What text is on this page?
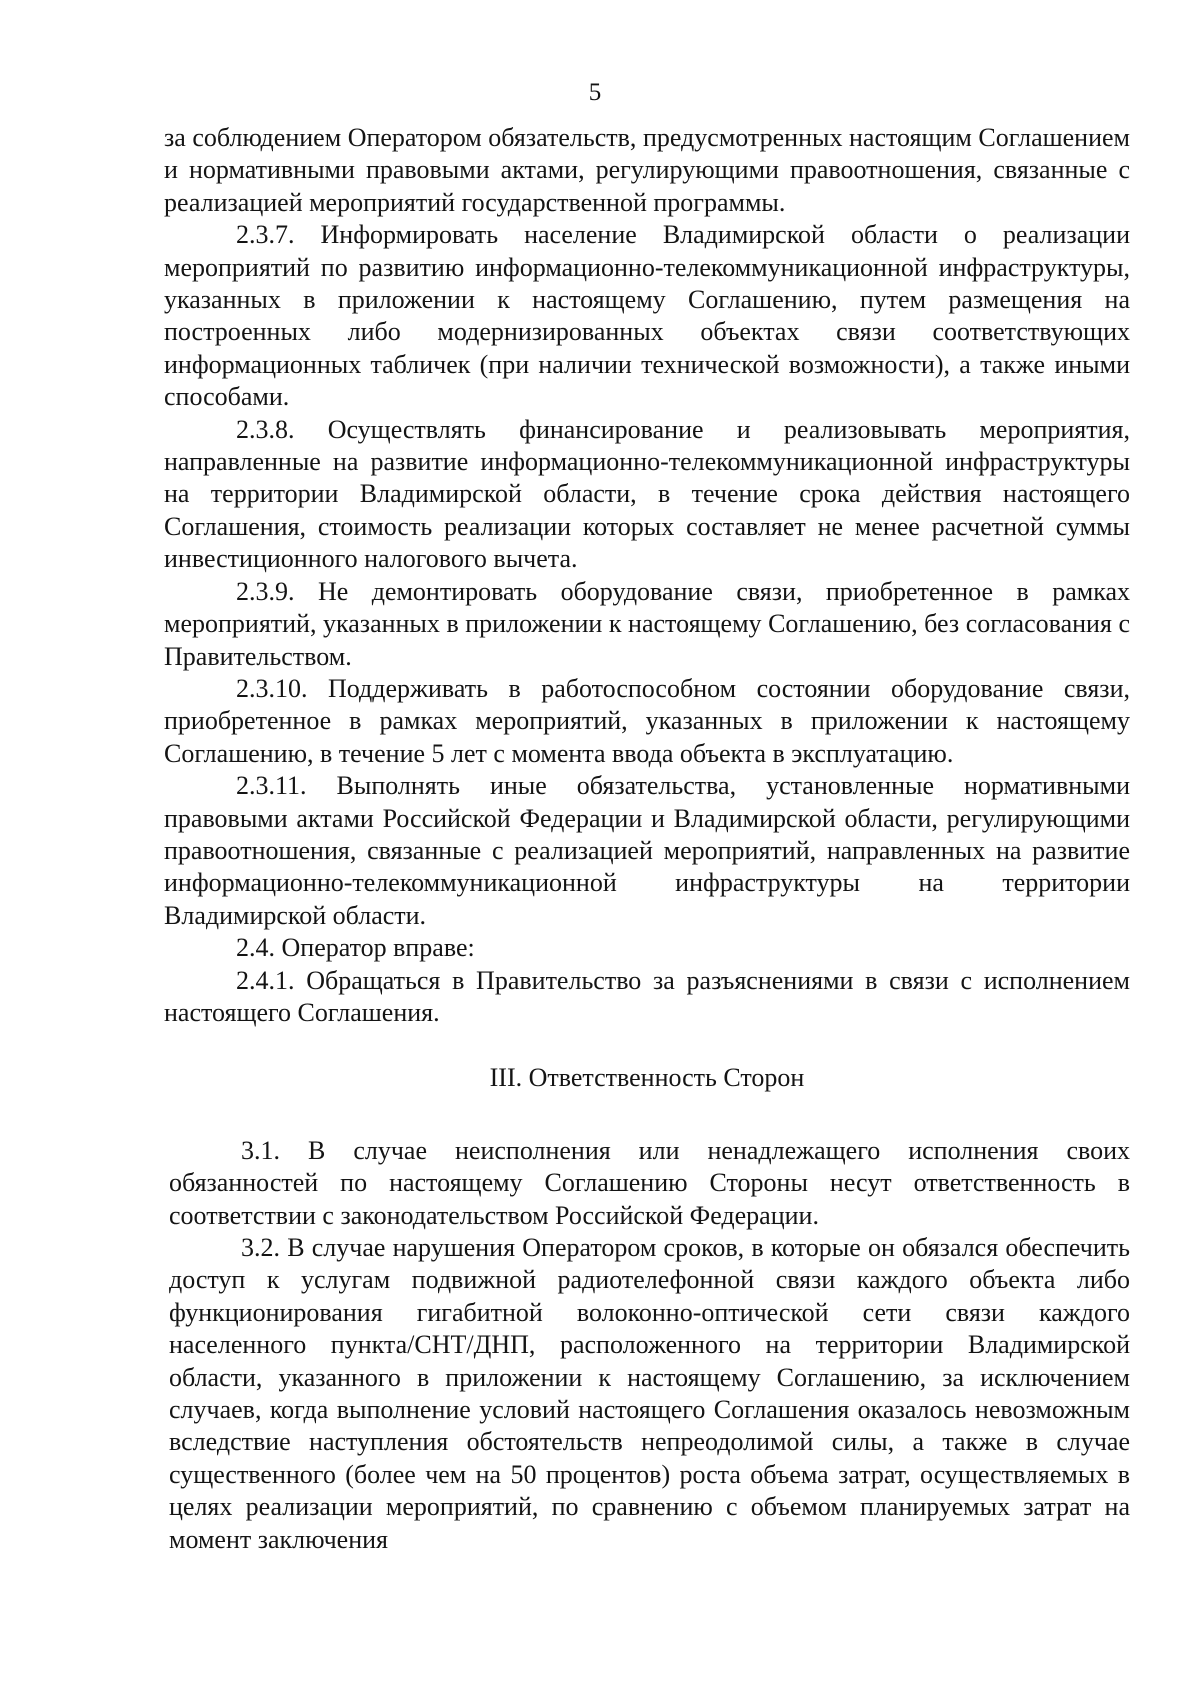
5

за соблюдением Оператором обязательств, предусмотренных настоящим Соглашением и нормативными правовыми актами, регулирующими правоотношения, связанные с реализацией мероприятий государственной программы.

2.3.7. Информировать население Владимирской области о реализации мероприятий по развитию информационно-телекоммуникационной инфраструктуры, указанных в приложении к настоящему Соглашению, путем размещения на построенных либо модернизированных объектах связи соответствующих информационных табличек (при наличии технической возможности), а также иными способами.

2.3.8. Осуществлять финансирование и реализовывать мероприятия, направленные на развитие информационно-телекоммуникационной инфраструктуры на территории Владимирской области, в течение срока действия настоящего Соглашения, стоимость реализации которых составляет не менее расчетной суммы инвестиционного налогового вычета.

2.3.9. Не демонтировать оборудование связи, приобретенное в рамках мероприятий, указанных в приложении к настоящему Соглашению, без согласования с Правительством.

2.3.10. Поддерживать в работоспособном состоянии оборудование связи, приобретенное в рамках мероприятий, указанных в приложении к настоящему Соглашению, в течение 5 лет с момента ввода объекта в эксплуатацию.

2.3.11. Выполнять иные обязательства, установленные нормативными правовыми актами Российской Федерации и Владимирской области, регулирующими правоотношения, связанные с реализацией мероприятий, направленных на развитие информационно-телекоммуникационной инфраструктуры на территории Владимирской области.

2.4. Оператор вправе:

2.4.1. Обращаться в Правительство за разъяснениями в связи с исполнением настоящего Соглашения.

III. Ответственность Сторон

3.1. В случае неисполнения или ненадлежащего исполнения своих обязанностей по настоящему Соглашению Стороны несут ответственность в соответствии с законодательством Российской Федерации.

3.2. В случае нарушения Оператором сроков, в которые он обязался обеспечить доступ к услугам подвижной радиотелефонной связи каждого объекта либо функционирования гигабитной волоконно-оптической сети связи каждого населенного пункта/СНТ/ДНП, расположенного на территории Владимирской области, указанного в приложении к настоящему Соглашению, за исключением случаев, когда выполнение условий настоящего Соглашения оказалось невозможным вследствие наступления обстоятельств непреодолимой силы, а также в случае существенного (более чем на 50 процентов) роста объема затрат, осуществляемых в целях реализации мероприятий, по сравнению с объемом планируемых затрат на момент заключения
